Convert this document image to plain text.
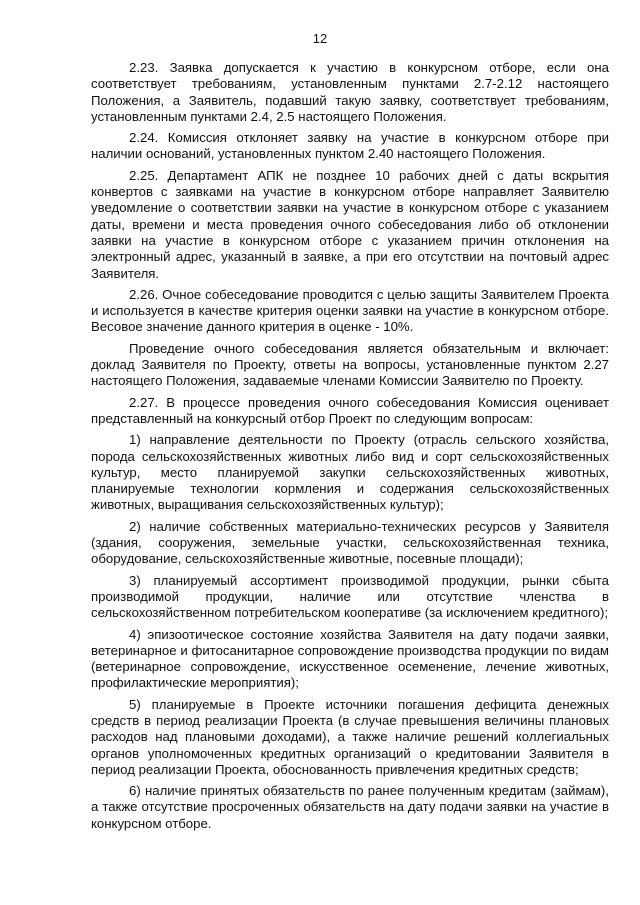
12

2.23. Заявка допускается к участию в конкурсном отборе, если она соответствует требованиям, установленным пунктами 2.7-2.12 настоящего Положения, а Заявитель, подавший такую заявку, соответствует требованиям, установленным пунктами 2.4, 2.5 настоящего Положения.

2.24. Комиссия отклоняет заявку на участие в конкурсном отборе при наличии оснований, установленных пунктом 2.40 настоящего Положения.

2.25. Департамент АПК не позднее 10 рабочих дней с даты вскрытия конвертов с заявками на участие в конкурсном отборе направляет Заявителю уведомление о соответствии заявки на участие в конкурсном отборе с указанием даты, времени и места проведения очного собеседования либо об отклонении заявки на участие в конкурсном отборе с указанием причин отклонения на электронный адрес, указанный в заявке, а при его отсутствии на почтовый адрес Заявителя.

2.26. Очное собеседование проводится с целью защиты Заявителем Проекта и используется в качестве критерия оценки заявки на участие в конкурсном отборе. Весовое значение данного критерия в оценке - 10%.

Проведение очного собеседования является обязательным и включает: доклад Заявителя по Проекту, ответы на вопросы, установленные пунктом 2.27 настоящего Положения, задаваемые членами Комиссии Заявителю по Проекту.

2.27. В процессе проведения очного собеседования Комиссия оценивает представленный на конкурсный отбор Проект по следующим вопросам:

1) направление деятельности по Проекту (отрасль сельского хозяйства, порода сельскохозяйственных животных либо вид и сорт сельскохозяйственных культур, место планируемой закупки сельскохозяйственных животных, планируемые технологии кормления и содержания сельскохозяйственных животных, выращивания сельскохозяйственных культур);

2) наличие собственных материально-технических ресурсов у Заявителя (здания, сооружения, земельные участки, сельскохозяйственная техника, оборудование, сельскохозяйственные животные, посевные площади);

3) планируемый ассортимент производимой продукции, рынки сбыта производимой продукции, наличие или отсутствие членства в сельскохозяйственном потребительском кооперативе (за исключением кредитного);

4) эпизоотическое состояние хозяйства Заявителя на дату подачи заявки, ветеринарное и фитосанитарное сопровождение производства продукции по видам (ветеринарное сопровождение, искусственное осеменение, лечение животных, профилактические мероприятия);

5) планируемые в Проекте источники погашения дефицита денежных средств в период реализации Проекта (в случае превышения величины плановых расходов над плановыми доходами), а также наличие решений коллегиальных органов уполномоченных кредитных организаций о кредитовании Заявителя в период реализации Проекта, обоснованность привлечения кредитных средств;

6) наличие принятых обязательств по ранее полученным кредитам (займам), а также отсутствие просроченных обязательств на дату подачи заявки на участие в конкурсном отборе.
